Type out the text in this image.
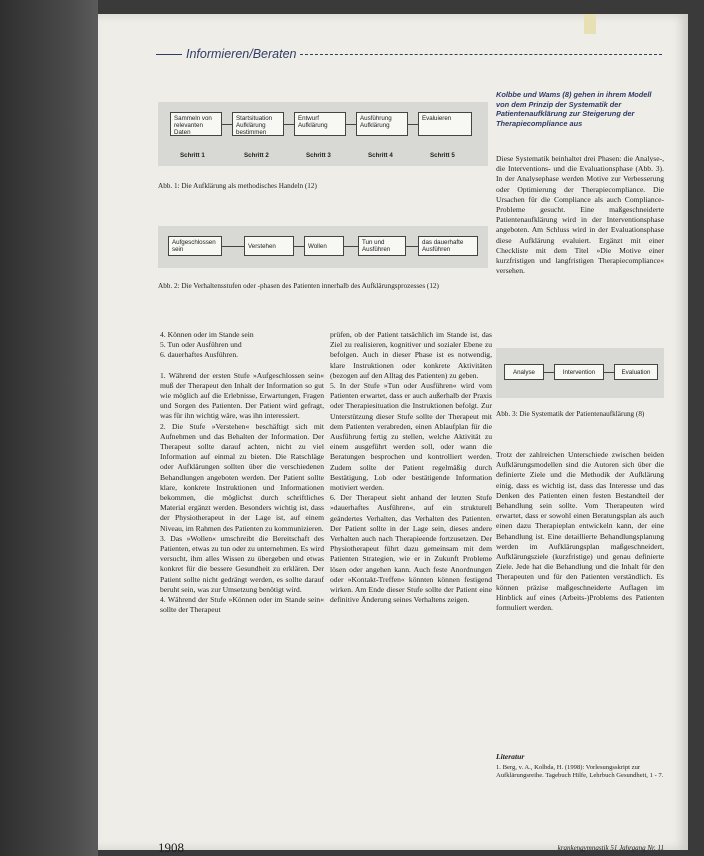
Informieren/Beraten
Sammeln von relevanten Daten
Startsituation Aufklärung bestimmen
Entwurf Aufklärung
Ausführung Aufklärung
Evaluieren
Schritt 1	Schritt 2	Schritt 3	Schritt 4	Schritt 5
Abb. 1: Die Aufklärung als methodisches Handeln (12)
Aufgeschlossen sein	Verstehen	Wollen
Tun und Ausführen
das dauerhafte Ausführen
Abb. 2: Die Verhaltensstufen oder -phasen des Patienten innerhalb des Aufklärungsprozesses (12)

4. Können oder im Stande sein
5. Tun oder Ausführen und
6. dauerhaftes Ausführen.

1. Während der ersten Stufe »Aufgeschlossen sein« muß der Therapeut den Inhalt der Information so gut wie möglich auf die Erlebnisse, Erwartungen, Fragen und Sorgen des Patienten. Der Patient wird gefragt, was für ihn wichtig wäre, was ihn interessiert.
2. Die Stufe »Verstehen« beschäftigt sich mit Aufnehmen und das Behalten der Information. Der Therapeut sollte darauf achten, nicht zu viel Information auf einmal zu bieten. Die Ratschläge oder Aufklärungen sollten über die verschiedenen Behandlungen angeboten werden. Der Patient sollte klare, konkrete Instruktionen und Informationen bekommen, die möglichst durch schriftliches Material ergänzt werden. Besonders wichtig ist, dass der Physiotherapeut in der Lage ist, auf einem Niveau, im Rahmen des Patienten zu kommunizieren.
3. Das »Wollen« umschreibt die Bereitschaft des Patienten, etwas zu tun oder zu unternehmen. Es wird versucht, ihm alles Wissen zu übergeben und etwas konkret für die bessere Gesundheit zu erklären. Der Patient sollte nicht gedrängt werden, es sollte darauf beruht sein, was zur Umsetzung benötigt wird.
4. Während der Stufe »Können oder im Stande sein« sollte der Therapeut

prüfen, ob der Patient tatsächlich im Stande ist, das Ziel zu realisieren, kognitiver und sozialer Ebene zu befolgen. Auch in dieser Phase ist es notwendig, klare Instruktionen oder konkrete Aktivitäten (bezogen auf den Alltag des Patienten) zu geben.
5. In der Stufe »Tun oder Ausführen« wird vom Patienten erwartet, dass er auch außerhalb der Praxis oder Therapiesituation die Instruktionen befolgt. Zur Unterstützung dieser Stufe sollte der Therapeut mit dem Patienten verabreden, einen Ablaufplan für die Ausführung fertig zu stellen, welche Aktivität zu einem ausgeführt werden soll, oder wann die Beratungen besprochen und kontrolliert werden. Zudem sollte der Patient regelmäßig durch Bestätigung, Lob oder bestätigende Information motiviert werden.
6. Der Therapeut sieht anhand der letzten Stufe »dauerhaftes Ausführen«, auf ein strukturell geändertes Verhalten, das Verhalten des Patienten. Der Patient sollte in der Lage sein, dieses andere Verhalten auch nach Therapieende fortzusetzen. Der Physiotherapeut führt dazu gemeinsam mit dem Patienten Strategien, wie er in Zukunft Probleme lösen oder angehen kann. Auch feste Anordnungen oder »Kontakt-Treffen« könnten können festigend wirken. Am Ende dieser Stufe sollte der Patient eine definitive Änderung seines Verhaltens zeigen.

Kolbbe und Wams (8) gehen in ihrem Modell von dem Prinzip der Systematik der Patientenaufklärung zur Steigerung der Therapiecompliance aus

Diese Systematik beinhaltet drei Phasen: die Analyse-, die Interventions- und die Evaluationsphase (Abb. 3). In der Analysephase werden Motive zur Verbesserung oder Optimierung der Therapiecompliance. Die Ursachen für die Compliance als auch Compliance-Probleme gesucht. Eine maßgeschneiderte Patientenaufklärung wird in der Interventionsphase angeboten. Am Schluss wird in der Evaluationsphase diese Aufklärung evaluiert. Ergänzt mit einer Checkliste mit dem Titel »Die Motive einer kurzfristigen und langfristigen Therapiecompliance« versehen.

Analyse	Intervention	Evaluation
Abb. 3: Die Systematik der Patientenaufklärung (8)

Trotz der zahlreichen Unterschiede zwischen beiden Aufklärungsmodellen sind die Autoren sich über die definierte Ziele und die Methodik der Aufklärung einig, dass es wichtig ist, dass das Interesse und das Denken des Patienten einen festen Bestandteil der Behandlung sein sollte. Vom Therapeuten wird erwartet, dass er sowohl einen Beratungsplan als auch einen dazu Therapieplan entwickeln kann, der eine Behandlung ist. Eine detaillierte Behandlungsplanung werden im Aufklärungsplan maßgeschneidert, Aufklärungsziele (kurzfristige) und genau definierte Ziele. Jede hat die Behandlung und die Inhalt für den Therapeuten und für den Patienten verständlich. Es können präzise maßgeschneiderte Auflagen im Hinblick auf eines (Arbeits-)Problems des Patienten formuliert werden.

Literatur
1. Berg, v. A., Kolbda, H. (1998): Vorlesungsskript zur Aufklärungsreihe. Tagebuch Hilfe, Lehrbuch Gesundheit, 1 - 7.
1908	krankengymnastik 51 Jahrgang Nr. 11
